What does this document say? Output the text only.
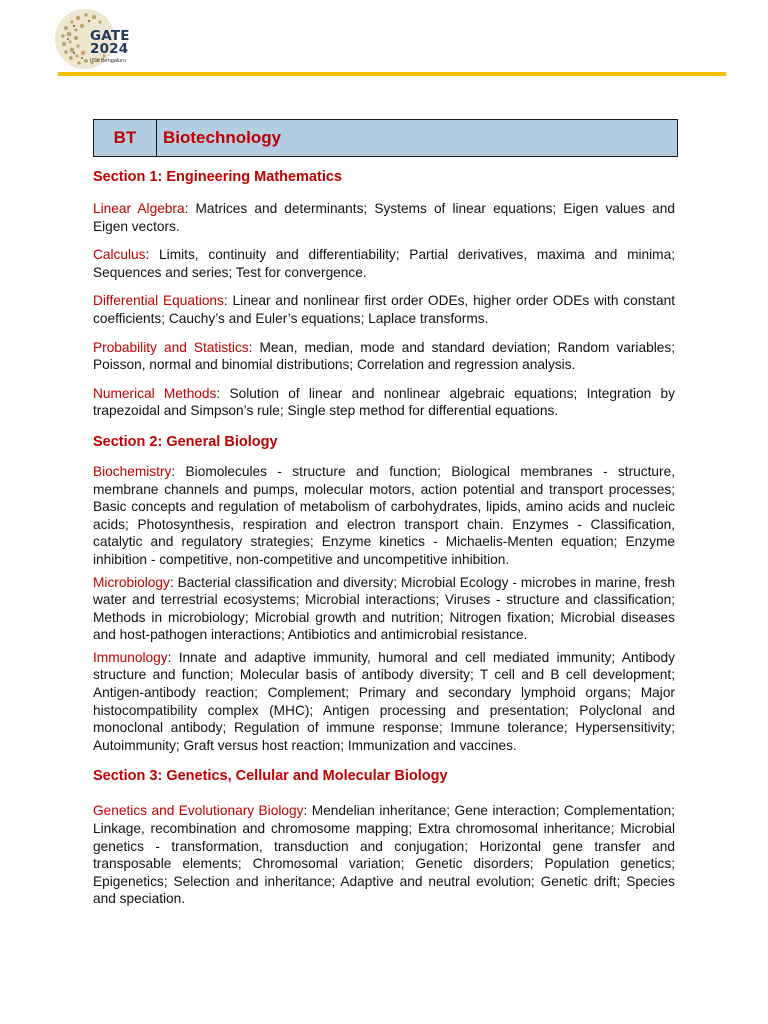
GATE
2024
IISc Bengaluru
BT	Biotechnology
Section 1: Engineering Mathematics

Linear Algebra: Matrices and determinants; Systems of linear equations; Eigen values and Eigen vectors.

Calculus: Limits, continuity and differentiability; Partial derivatives, maxima and minima; Sequences and series; Test for convergence.

Differential Equations: Linear and nonlinear first order ODEs, higher order ODEs with constant coefficients; Cauchy’s and Euler’s equations; Laplace transforms.

Probability and Statistics: Mean, median, mode and standard deviation; Random variables; Poisson, normal and binomial distributions; Correlation and regression analysis.

Numerical Methods: Solution of linear and nonlinear algebraic equations; Integration by trapezoidal and Simpson’s rule; Single step method for differential equations.

Section 2: General Biology

Biochemistry: Biomolecules - structure and function; Biological membranes - structure, membrane channels and pumps, molecular motors, action potential and transport processes; Basic concepts and regulation of metabolism of carbohydrates, lipids, amino acids and nucleic acids; Photosynthesis, respiration and electron transport chain. Enzymes - Classification, catalytic and regulatory strategies; Enzyme kinetics - Michaelis-Menten equation; Enzyme inhibition - competitive, non-competitive and uncompetitive inhibition.

Microbiology: Bacterial classification and diversity; Microbial Ecology - microbes in marine, fresh water and terrestrial ecosystems; Microbial interactions; Viruses - structure and classification; Methods in microbiology; Microbial growth and nutrition; Nitrogen fixation; Microbial diseases and host-pathogen interactions; Antibiotics and antimicrobial resistance.

Immunology: Innate and adaptive immunity, humoral and cell mediated immunity; Antibody structure and function; Molecular basis of antibody diversity; T cell and B cell development; Antigen-antibody reaction; Complement; Primary and secondary lymphoid organs; Major histocompatibility complex (MHC); Antigen processing and presentation; Polyclonal and monoclonal antibody; Regulation of immune response; Immune tolerance; Hypersensitivity; Autoimmunity; Graft versus host reaction; Immunization and vaccines.

Section 3: Genetics, Cellular and Molecular Biology

Genetics and Evolutionary Biology: Mendelian inheritance; Gene interaction; Complementation; Linkage, recombination and chromosome mapping; Extra chromosomal inheritance; Microbial genetics - transformation, transduction and conjugation; Horizontal gene transfer and transposable elements; Chromosomal variation; Genetic disorders; Population genetics; Epigenetics; Selection and inheritance; Adaptive and neutral evolution; Genetic drift; Species and speciation.
